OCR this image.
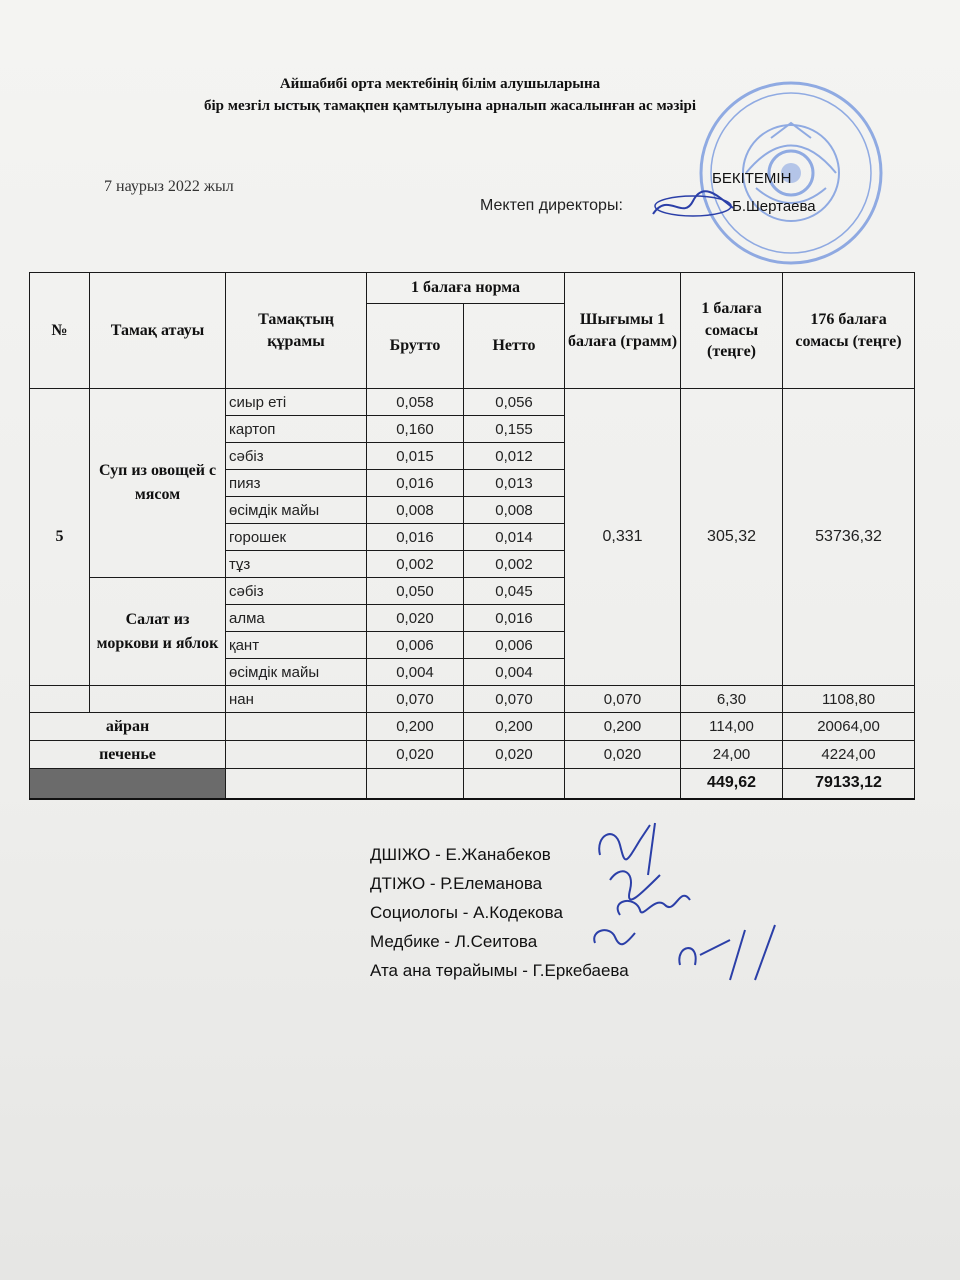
Айшабибі орта мектебінің білім алушыларына
бір мезгіл ыстық тамақпен қамтылуына арналып жасалынған ас мәзірі
7 наурыз 2022 жыл	БЕКІТЕМІН
Мектеп директоры:	Б.Шертаева
№	Тамақ атауы	Тамақтың құрамы	1 балаға норма		Шығымы 1 балаға (грамм)	1 балаға сомасы (теңге)	176 балаға сомасы (теңге)
			Брутто	Нетто			
5	Суп из овощей с мясом	сиыр еті	0,058	0,056	0,331	305,32	53736,32
		картоп	0,160	0,155			
		сәбіз	0,015	0,012			
		пияз	0,016	0,013			
		өсімдік майы	0,008	0,008			
		горошек	0,016	0,014			
		тұз	0,002	0,002			
	Салат из моркови и яблок	сәбіз	0,050	0,045			
		алма	0,020	0,016			
		қант	0,006	0,006			
		өсімдік майы	0,004	0,004			
		нан	0,070	0,070	0,070	6,30	1108,80
айран			0,200	0,200	0,200	114,00	20064,00
печенье			0,020	0,020	0,020	24,00	4224,00
						449,62	79133,12
ДШІЖО - Е.Жанабеков
ДТІЖО - Р.Елеманова
Социологы - А.Кодекова
Медбике - Л.Сеитова
Ата ана төрайымы - Г.Еркебаева
